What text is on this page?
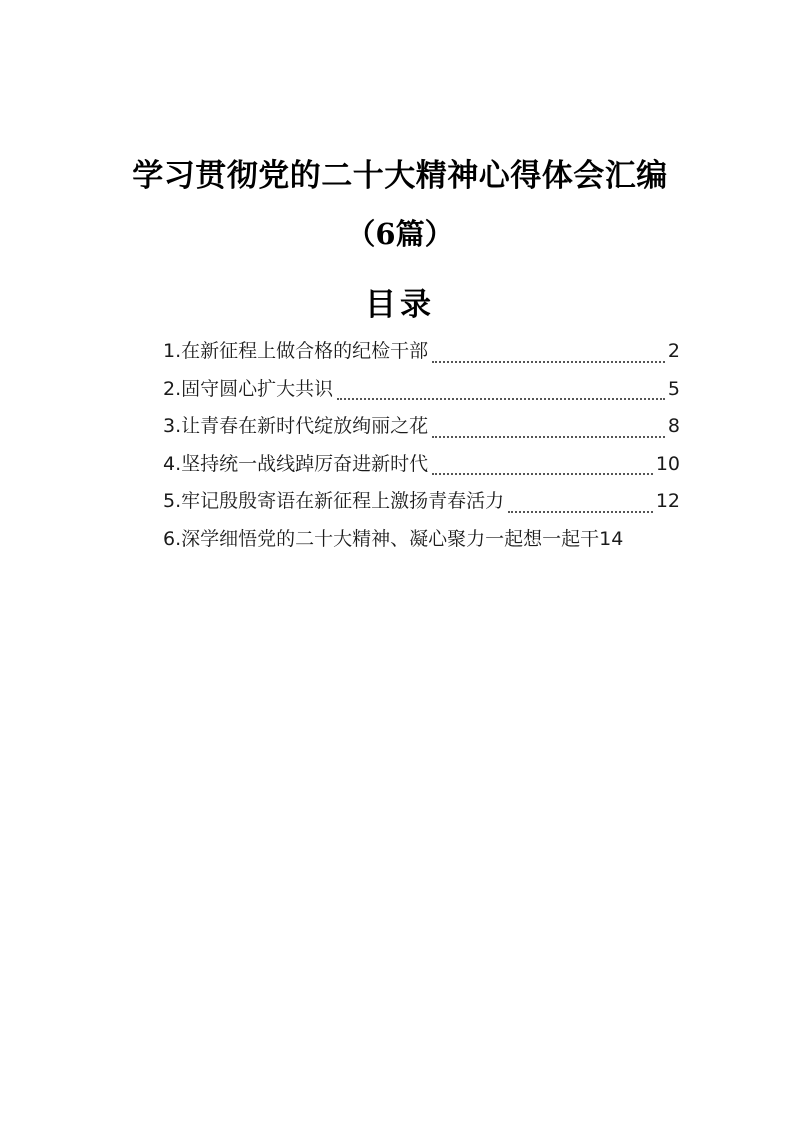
学习贯彻党的二十大精神心得体会汇编
（6篇）
目录
1.在新征程上做合格的纪检干部	2
2.固守圆心扩大共识	5
3.让青春在新时代绽放绚丽之花	8
4.坚持统一战线踔厉奋进新时代	10
5.牢记殷殷寄语在新征程上激扬青春活力	12
6.深学细悟党的二十大精神、凝心聚力一起想一起干 14
